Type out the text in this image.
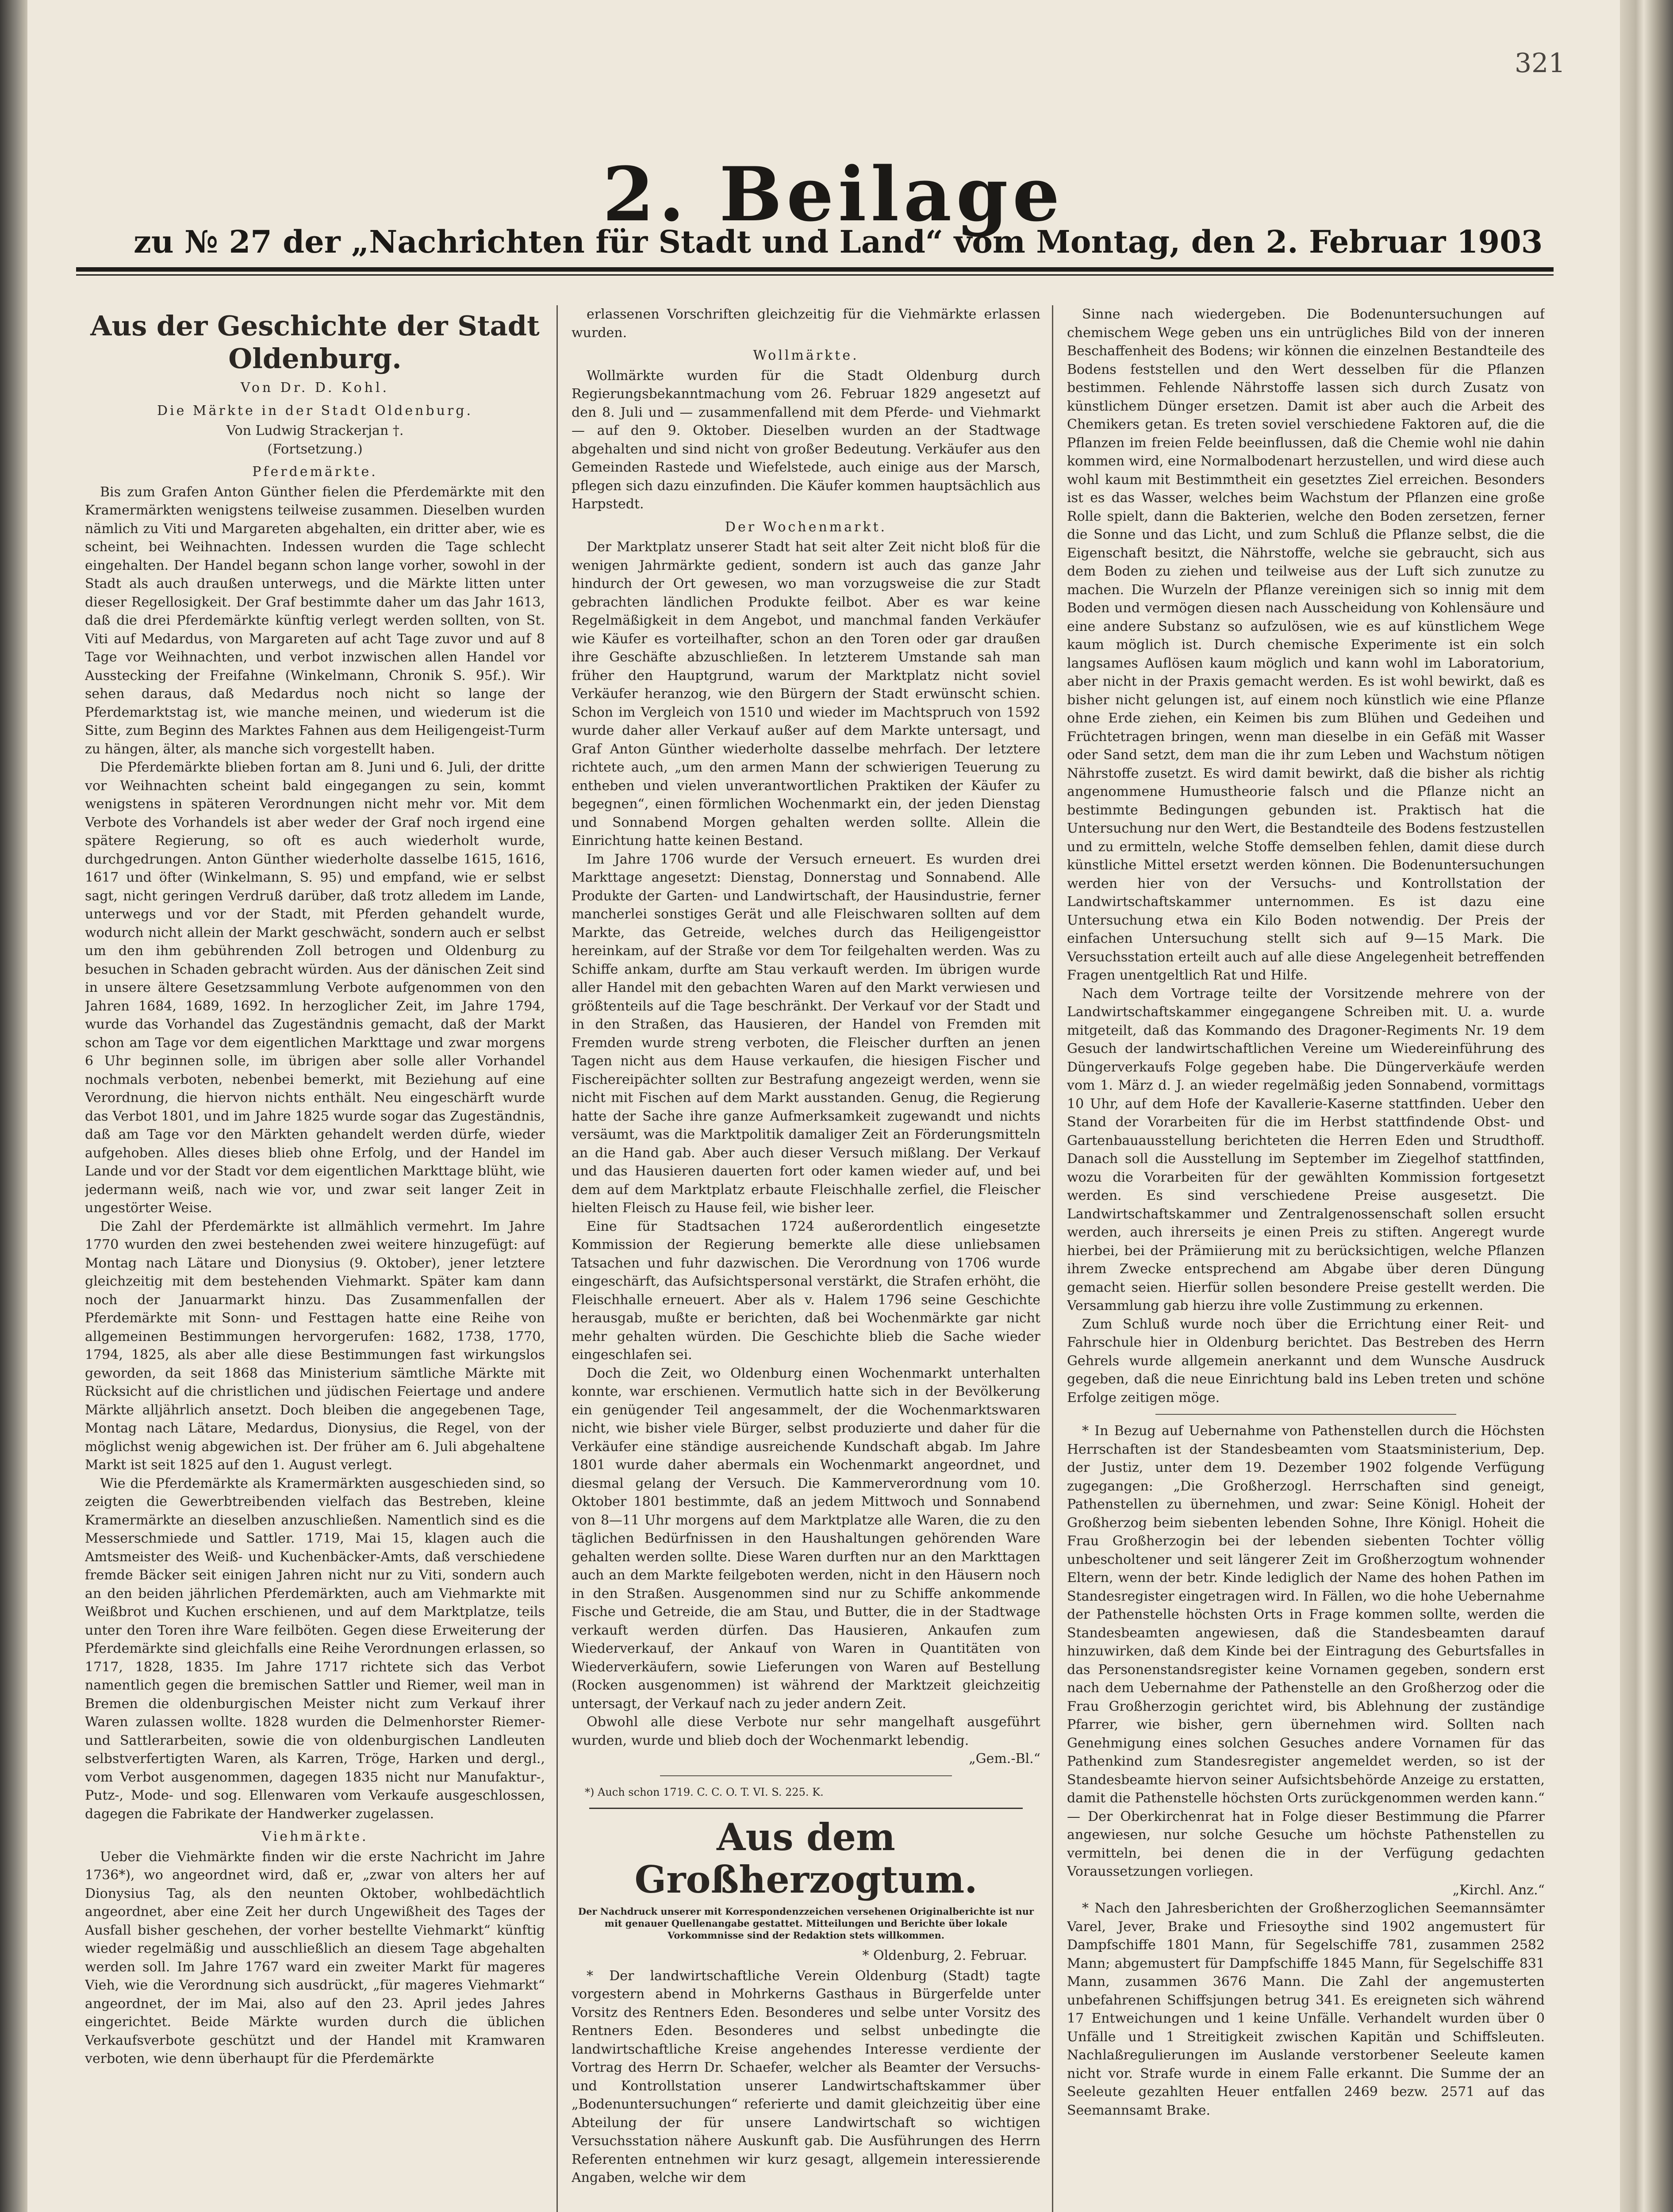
321
2. Beilage
zu № 27 der „Nachrichten für Stadt und Land“ vom Montag, den 2. Februar 1903
Aus der Geschichte der Stadt Oldenburg.
Von Dr. D. Kohl.
Die Märkte in der Stadt Oldenburg.
Von Ludwig Strackerjan †.
(Fortsetzung.)
Pferdemärkte.

Bis zum Grafen Anton Günther fielen die Pferdemärkte mit den Kramermärkten wenigstens teilweise zusammen. Dieselben wurden nämlich zu Viti und Margareten abgehalten, ein dritter aber, wie es scheint, bei Weihnachten. Indessen wurden die Tage schlecht eingehalten. Der Handel begann schon lange vorher, sowohl in der Stadt als auch draußen unterwegs, und die Märkte litten unter dieser Regellosigkeit. Der Graf bestimmte daher um das Jahr 1613, daß die drei Pferdemärkte künftig verlegt werden sollten, von St. Viti auf Medardus, von Margareten auf acht Tage zuvor und auf 8 Tage vor Weihnachten, und verbot inzwischen allen Handel vor Ausstecking der Freifahne (Winkelmann, Chronik S. 95f.). Wir sehen daraus, daß Medardus noch nicht so lange der Pferdemarktstag ist, wie manche meinen, und wiederum ist die Sitte, zum Beginn des Marktes Fahnen aus dem Heiligengeist-Turm zu hängen, älter, als manche sich vorgestellt haben.

Die Pferdemärkte blieben fortan am 8. Juni und 6. Juli, der dritte vor Weihnachten scheint bald eingegangen zu sein, kommt wenigstens in späteren Verordnungen nicht mehr vor. Mit dem Verbote des Vorhandels ist aber weder der Graf noch irgend eine spätere Regierung, so oft es auch wiederholt wurde, durchgedrungen. Anton Günther wiederholte dasselbe 1615, 1616, 1617 und öfter (Winkelmann, S. 95) und empfand, wie er selbst sagt, nicht geringen Verdruß darüber, daß trotz alledem im Lande, unterwegs und vor der Stadt, mit Pferden gehandelt wurde, wodurch nicht allein der Markt geschwächt, sondern auch er selbst um den ihm gebührenden Zoll betrogen und Oldenburg zu besuchen in Schaden gebracht würden. Aus der dänischen Zeit sind in unsere ältere Gesetzsammlung Verbote aufgenommen von den Jahren 1684, 1689, 1692. In herzoglicher Zeit, im Jahre 1794, wurde das Vorhandel das Zugeständnis gemacht, daß der Markt schon am Tage vor dem eigentlichen Markttage und zwar morgens 6 Uhr beginnen solle, im übrigen aber solle aller Vorhandel nochmals verboten, nebenbei bemerkt, mit Beziehung auf eine Verordnung, die hiervon nichts enthält. Neu eingeschärft wurde das Verbot 1801, und im Jahre 1825 wurde sogar das Zugeständnis, daß am Tage vor den Märkten gehandelt werden dürfe, wieder aufgehoben. Alles dieses blieb ohne Erfolg, und der Handel im Lande und vor der Stadt vor dem eigentlichen Markttage blüht, wie jedermann weiß, nach wie vor, und zwar seit langer Zeit in ungestörter Weise.

Die Zahl der Pferdemärkte ist allmählich vermehrt. Im Jahre 1770 wurden den zwei bestehenden zwei weitere hinzugefügt: auf Montag nach Lätare und Dionysius (9. Oktober), jener letztere gleichzeitig mit dem bestehenden Viehmarkt. Später kam dann noch der Januarmarkt hinzu. Das Zusammenfallen der Pferdemärkte mit Sonn- und Festtagen hatte eine Reihe von allgemeinen Bestimmungen hervorgerufen: 1682, 1738, 1770, 1794, 1825, als aber alle diese Bestimmungen fast wirkungslos geworden, da seit 1868 das Ministerium sämtliche Märkte mit Rücksicht auf die christlichen und jüdischen Feiertage und andere Märkte alljährlich ansetzt. Doch bleiben die angegebenen Tage, Montag nach Lätare, Medardus, Dionysius, die Regel, von der möglichst wenig abgewichen ist. Der früher am 6. Juli abgehaltene Markt ist seit 1825 auf den 1. August verlegt.

Wie die Pferdemärkte als Kramermärkten ausgeschieden sind, so zeigten die Gewerbtreibenden vielfach das Bestreben, kleine Kramermärkte an dieselben anzuschließen. Namentlich sind es die Messerschmiede und Sattler. 1719, Mai 15, klagen auch die Amtsmeister des Weiß- und Kuchenbäcker-Amts, daß verschiedene fremde Bäcker seit einigen Jahren nicht nur zu Viti, sondern auch an den beiden jährlichen Pferdemärkten, auch am Viehmarkte mit Weißbrot und Kuchen erschienen, und auf dem Marktplatze, teils unter den Toren ihre Ware feilböten. Gegen diese Erweiterung der Pferdemärkte sind gleichfalls eine Reihe Verordnungen erlassen, so 1717, 1828, 1835. Im Jahre 1717 richtete sich das Verbot namentlich gegen die bremischen Sattler und Riemer, weil man in Bremen die oldenburgischen Meister nicht zum Verkauf ihrer Waren zulassen wollte. 1828 wurden die Delmenhorster Riemer- und Sattlerarbeiten, sowie die von oldenburgischen Landleuten selbstverfertigten Waren, als Karren, Tröge, Harken und dergl., vom Verbot ausgenommen, dagegen 1835 nicht nur Manufaktur-, Putz-, Mode- und sog. Ellenwaren vom Verkaufe ausgeschlossen, dagegen die Fabrikate der Handwerker zugelassen.

Viehmärkte.

Ueber die Viehmärkte finden wir die erste Nachricht im Jahre 1736*), wo angeordnet wird, daß er, „zwar von alters her auf Dionysius Tag, als den neunten Oktober, wohlbedächtlich angeordnet, aber eine Zeit her durch Ungewißheit des Tages der Ausfall bisher geschehen, der vorher bestellte Viehmarkt“ künftig wieder regelmäßig und ausschließlich an diesem Tage abgehalten werden soll. Im Jahre 1767 ward ein zweiter Markt für mageres Vieh, wie die Verordnung sich ausdrückt, „für mageres Viehmarkt“ angeordnet, der im Mai, also auf den 23. April jedes Jahres eingerichtet. Beide Märkte wurden durch die üblichen Verkaufsverbote geschützt und der Handel mit Kramwaren verboten, wie denn überhaupt für die Pferdemärkte

erlassenen Vorschriften gleichzeitig für die Viehmärkte erlassen wurden.

Wollmärkte.

Wollmärkte wurden für die Stadt Oldenburg durch Regierungsbekanntmachung vom 26. Februar 1829 angesetzt auf den 8. Juli und — zusammenfallend mit dem Pferde- und Viehmarkt — auf den 9. Oktober. Dieselben wurden an der Stadtwage abgehalten und sind nicht von großer Bedeutung. Verkäufer aus den Gemeinden Rastede und Wiefelstede, auch einige aus der Marsch, pflegen sich dazu einzufinden. Die Käufer kommen hauptsächlich aus Harpstedt.

Der Wochenmarkt.

Der Marktplatz unserer Stadt hat seit alter Zeit nicht bloß für die wenigen Jahrmärkte gedient, sondern ist auch das ganze Jahr hindurch der Ort gewesen, wo man vorzugsweise die zur Stadt gebrachten ländlichen Produkte feilbot. Aber es war keine Regelmäßigkeit in dem Angebot, und manchmal fanden Verkäufer wie Käufer es vorteilhafter, schon an den Toren oder gar draußen ihre Geschäfte abzuschließen. In letzterem Umstande sah man früher den Hauptgrund, warum der Marktplatz nicht soviel Verkäufer heranzog, wie den Bürgern der Stadt erwünscht schien. Schon im Vergleich von 1510 und wieder im Machtspruch von 1592 wurde daher aller Verkauf außer auf dem Markte untersagt, und Graf Anton Günther wiederholte dasselbe mehrfach. Der letztere richtete auch, „um den armen Mann der schwierigen Teuerung zu entheben und vielen unverantwortlichen Praktiken der Käufer zu begegnen“, einen förmlichen Wochenmarkt ein, der jeden Dienstag und Sonnabend Morgen gehalten werden sollte. Allein die Einrichtung hatte keinen Bestand.

Im Jahre 1706 wurde der Versuch erneuert. Es wurden drei Markttage angesetzt: Dienstag, Donnerstag und Sonnabend. Alle Produkte der Garten- und Landwirtschaft, der Hausindustrie, ferner mancherlei sonstiges Gerät und alle Fleischwaren sollten auf dem Markte, das Getreide, welches durch das Heiligengeisttor hereinkam, auf der Straße vor dem Tor feilgehalten werden. Was zu Schiffe ankam, durfte am Stau verkauft werden. Im übrigen wurde aller Handel mit den gebachten Waren auf den Markt verwiesen und größtenteils auf die Tage beschränkt. Der Verkauf vor der Stadt und in den Straßen, das Hausieren, der Handel von Fremden mit Fremden wurde streng verboten, die Fleischer durften an jenen Tagen nicht aus dem Hause verkaufen, die hiesigen Fischer und Fischereipächter sollten zur Bestrafung angezeigt werden, wenn sie nicht mit Fischen auf dem Markt ausstanden. Genug, die Regierung hatte der Sache ihre ganze Aufmerksamkeit zugewandt und nichts versäumt, was die Marktpolitik damaliger Zeit an Förderungsmitteln an die Hand gab. Aber auch dieser Versuch mißlang. Der Verkauf und das Hausieren dauerten fort oder kamen wieder auf, und bei dem auf dem Marktplatz erbaute Fleischhalle zerfiel, die Fleischer hielten Fleisch zu Hause feil, wie bisher leer.

Eine für Stadtsachen 1724 außerordentlich eingesetzte Kommission der Regierung bemerkte alle diese unliebsamen Tatsachen und fuhr dazwischen. Die Verordnung von 1706 wurde eingeschärft, das Aufsichtspersonal verstärkt, die Strafen erhöht, die Fleischhalle erneuert. Aber als v. Halem 1796 seine Geschichte herausgab, mußte er berichten, daß bei Wochenmärkte gar nicht mehr gehalten würden. Die Geschichte blieb die Sache wieder eingeschlafen sei.

Doch die Zeit, wo Oldenburg einen Wochenmarkt unterhalten konnte, war erschienen. Vermutlich hatte sich in der Bevölkerung ein genügender Teil angesammelt, der die Wochenmarktswaren nicht, wie bisher viele Bürger, selbst produzierte und daher für die Verkäufer eine ständige ausreichende Kundschaft abgab. Im Jahre 1801 wurde daher abermals ein Wochenmarkt angeordnet, und diesmal gelang der Versuch. Die Kammerverordnung vom 10. Oktober 1801 bestimmte, daß an jedem Mittwoch und Sonnabend von 8—11 Uhr morgens auf dem Marktplatze alle Waren, die zu den täglichen Bedürfnissen in den Haushaltungen gehörenden Ware gehalten werden sollte. Diese Waren durften nur an den Markttagen auch an dem Markte feilgeboten werden, nicht in den Häusern noch in den Straßen. Ausgenommen sind nur zu Schiffe ankommende Fische und Getreide, die am Stau, und Butter, die in der Stadtwage verkauft werden dürfen. Das Hausieren, Ankaufen zum Wiederverkauf, der Ankauf von Waren in Quantitäten von Wiederverkäufern, sowie Lieferungen von Waren auf Bestellung (Rocken ausgenommen) ist während der Marktzeit gleichzeitig untersagt, der Verkauf nach zu jeder andern Zeit.

Obwohl alle diese Verbote nur sehr mangelhaft ausgeführt wurden, wurde und blieb doch der Wochenmarkt lebendig.

„Gem.-Bl.“
*) Auch schon 1719. C. C. O. T. VI. S. 225. K.
Aus dem Großherzogtum.
Der Nachdruck unserer mit Korrespondenzzeichen versehenen Originalberichte ist nur mit genauer Quellenangabe gestattet. Mitteilungen und Berichte über lokale Vorkommnisse sind der Redaktion stets willkommen.
* Oldenburg, 2. Februar.

* Der landwirtschaftliche Verein Oldenburg (Stadt) tagte vorgestern abend in Mohrkerns Gasthaus in Bürgerfelde unter Vorsitz des Rentners Eden. Besonderes und selbe unter Vorsitz des Rentners Eden. Besonderes und selbst unbedingte die landwirtschaftliche Kreise angehendes Interesse verdiente der Vortrag des Herrn Dr. Schaefer, welcher als Beamter der Versuchs- und Kontrollstation unserer Landwirtschaftskammer über „Bodenuntersuchungen“ referierte und damit gleichzeitig über eine Abteilung der für unsere Landwirtschaft so wichtigen Versuchsstation nähere Auskunft gab. Die Ausführungen des Herrn Referenten entnehmen wir kurz gesagt, allgemein interessierende Angaben, welche wir dem

Sinne nach wiedergeben. Die Bodenuntersuchungen auf chemischem Wege geben uns ein untrügliches Bild von der inneren Beschaffenheit des Bodens; wir können die einzelnen Bestandteile des Bodens feststellen und den Wert desselben für die Pflanzen bestimmen. Fehlende Nährstoffe lassen sich durch Zusatz von künstlichem Dünger ersetzen. Damit ist aber auch die Arbeit des Chemikers getan. Es treten soviel verschiedene Faktoren auf, die die Pflanzen im freien Felde beeinflussen, daß die Chemie wohl nie dahin kommen wird, eine Normalbodenart herzustellen, und wird diese auch wohl kaum mit Bestimmtheit ein gesetztes Ziel erreichen. Besonders ist es das Wasser, welches beim Wachstum der Pflanzen eine große Rolle spielt, dann die Bakterien, welche den Boden zersetzen, ferner die Sonne und das Licht, und zum Schluß die Pflanze selbst, die die Eigenschaft besitzt, die Nährstoffe, welche sie gebraucht, sich aus dem Boden zu ziehen und teilweise aus der Luft sich zunutze zu machen. Die Wurzeln der Pflanze vereinigen sich so innig mit dem Boden und vermögen diesen nach Ausscheidung von Kohlensäure und eine andere Substanz so aufzulösen, wie es auf künstlichem Wege kaum möglich ist. Durch chemische Experimente ist ein solch langsames Auflösen kaum möglich und kann wohl im Laboratorium, aber nicht in der Praxis gemacht werden. Es ist wohl bewirkt, daß es bisher nicht gelungen ist, auf einem noch künstlich wie eine Pflanze ohne Erde ziehen, ein Keimen bis zum Blühen und Gedeihen und Früchtetragen bringen, wenn man dieselbe in ein Gefäß mit Wasser oder Sand setzt, dem man die ihr zum Leben und Wachstum nötigen Nährstoffe zusetzt. Es wird damit bewirkt, daß die bisher als richtig angenommene Humustheorie falsch und die Pflanze nicht an bestimmte Bedingungen gebunden ist. Praktisch hat die Untersuchung nur den Wert, die Bestandteile des Bodens festzustellen und zu ermitteln, welche Stoffe demselben fehlen, damit diese durch künstliche Mittel ersetzt werden können. Die Bodenuntersuchungen werden hier von der Versuchs- und Kontrollstation der Landwirtschaftskammer unternommen. Es ist dazu eine Untersuchung etwa ein Kilo Boden notwendig. Der Preis der einfachen Untersuchung stellt sich auf 9—15 Mark. Die Versuchsstation erteilt auch auf alle diese Angelegenheit betreffenden Fragen unentgeltlich Rat und Hilfe.

Nach dem Vortrage teilte der Vorsitzende mehrere von der Landwirtschaftskammer eingegangene Schreiben mit. U. a. wurde mitgeteilt, daß das Kommando des Dragoner-Regiments Nr. 19 dem Gesuch der landwirtschaftlichen Vereine um Wiedereinführung des Düngerverkaufs Folge gegeben habe. Die Düngerverkäufe werden vom 1. März d. J. an wieder regelmäßig jeden Sonnabend, vormittags 10 Uhr, auf dem Hofe der Kavallerie-Kaserne stattfinden. Ueber den Stand der Vorarbeiten für die im Herbst stattfindende Obst- und Gartenbauausstellung berichteten die Herren Eden und Strudthoff. Danach soll die Ausstellung im September im Ziegelhof stattfinden, wozu die Vorarbeiten für der gewählten Kommission fortgesetzt werden. Es sind verschiedene Preise ausgesetzt. Die Landwirtschaftskammer und Zentralgenossenschaft sollen ersucht werden, auch ihrerseits je einen Preis zu stiften. Angeregt wurde hierbei, bei der Prämiierung mit zu berücksichtigen, welche Pflanzen ihrem Zwecke entsprechend am Abgabe über deren Düngung gemacht seien. Hierfür sollen besondere Preise gestellt werden. Die Versammlung gab hierzu ihre volle Zustimmung zu erkennen.

Zum Schluß wurde noch über die Errichtung einer Reit- und Fahrschule hier in Oldenburg berichtet. Das Bestreben des Herrn Gehrels wurde allgemein anerkannt und dem Wunsche Ausdruck gegeben, daß die neue Einrichtung bald ins Leben treten und schöne Erfolge zeitigen möge.

* In Bezug auf Uebernahme von Pathenstellen durch die Höchsten Herrschaften ist der Standesbeamten vom Staatsministerium, Dep. der Justiz, unter dem 19. Dezember 1902 folgende Verfügung zugegangen: „Die Großherzogl. Herrschaften sind geneigt, Pathenstellen zu übernehmen, und zwar: Seine Königl. Hoheit der Großherzog beim siebenten lebenden Sohne, Ihre Königl. Hoheit die Frau Großherzogin bei der lebenden siebenten Tochter völlig unbescholtener und seit längerer Zeit im Großherzogtum wohnender Eltern, wenn der betr. Kinde lediglich der Name des hohen Pathen im Standesregister eingetragen wird. In Fällen, wo die hohe Uebernahme der Pathenstelle höchsten Orts in Frage kommen sollte, werden die Standesbeamten angewiesen, daß die Standesbeamten darauf hinzuwirken, daß dem Kinde bei der Eintragung des Geburtsfalles in das Personenstandsregister keine Vornamen gegeben, sondern erst nach dem Uebernahme der Pathenstelle an den Großherzog oder die Frau Großherzogin gerichtet wird, bis Ablehnung der zuständige Pfarrer, wie bisher, gern übernehmen wird. Sollten nach Genehmigung eines solchen Gesuches andere Vornamen für das Pathenkind zum Standesregister angemeldet werden, so ist der Standesbeamte hiervon seiner Aufsichtsbehörde Anzeige zu erstatten, damit die Pathenstelle höchsten Orts zurückgenommen werden kann.“ — Der Oberkirchenrat hat in Folge dieser Bestimmung die Pfarrer angewiesen, nur solche Gesuche um höchste Pathenstellen zu vermitteln, bei denen die in der Verfügung gedachten Voraussetzungen vorliegen.

„Kirchl. Anz.“

* Nach den Jahresberichten der Großherzoglichen Seemannsämter Varel, Jever, Brake und Friesoythe sind 1902 angemustert für Dampfschiffe 1801 Mann, für Segelschiffe 781, zusammen 2582 Mann; abgemustert für Dampfschiffe 1845 Mann, für Segelschiffe 831 Mann, zusammen 3676 Mann. Die Zahl der angemusterten unbefahrenen Schiffsjungen betrug 341. Es ereigneten sich während 17 Entweichungen und 1 keine Unfälle. Verhandelt wurden über 0 Unfälle und 1 Streitigkeit zwischen Kapitän und Schiffsleuten. Nachlaßregulierungen im Auslande verstorbener Seeleute kamen nicht vor. Strafe wurde in einem Falle erkannt. Die Summe der an Seeleute gezahlten Heuer entfallen 2469 bezw. 2571 auf das Seemannsamt Brake.
